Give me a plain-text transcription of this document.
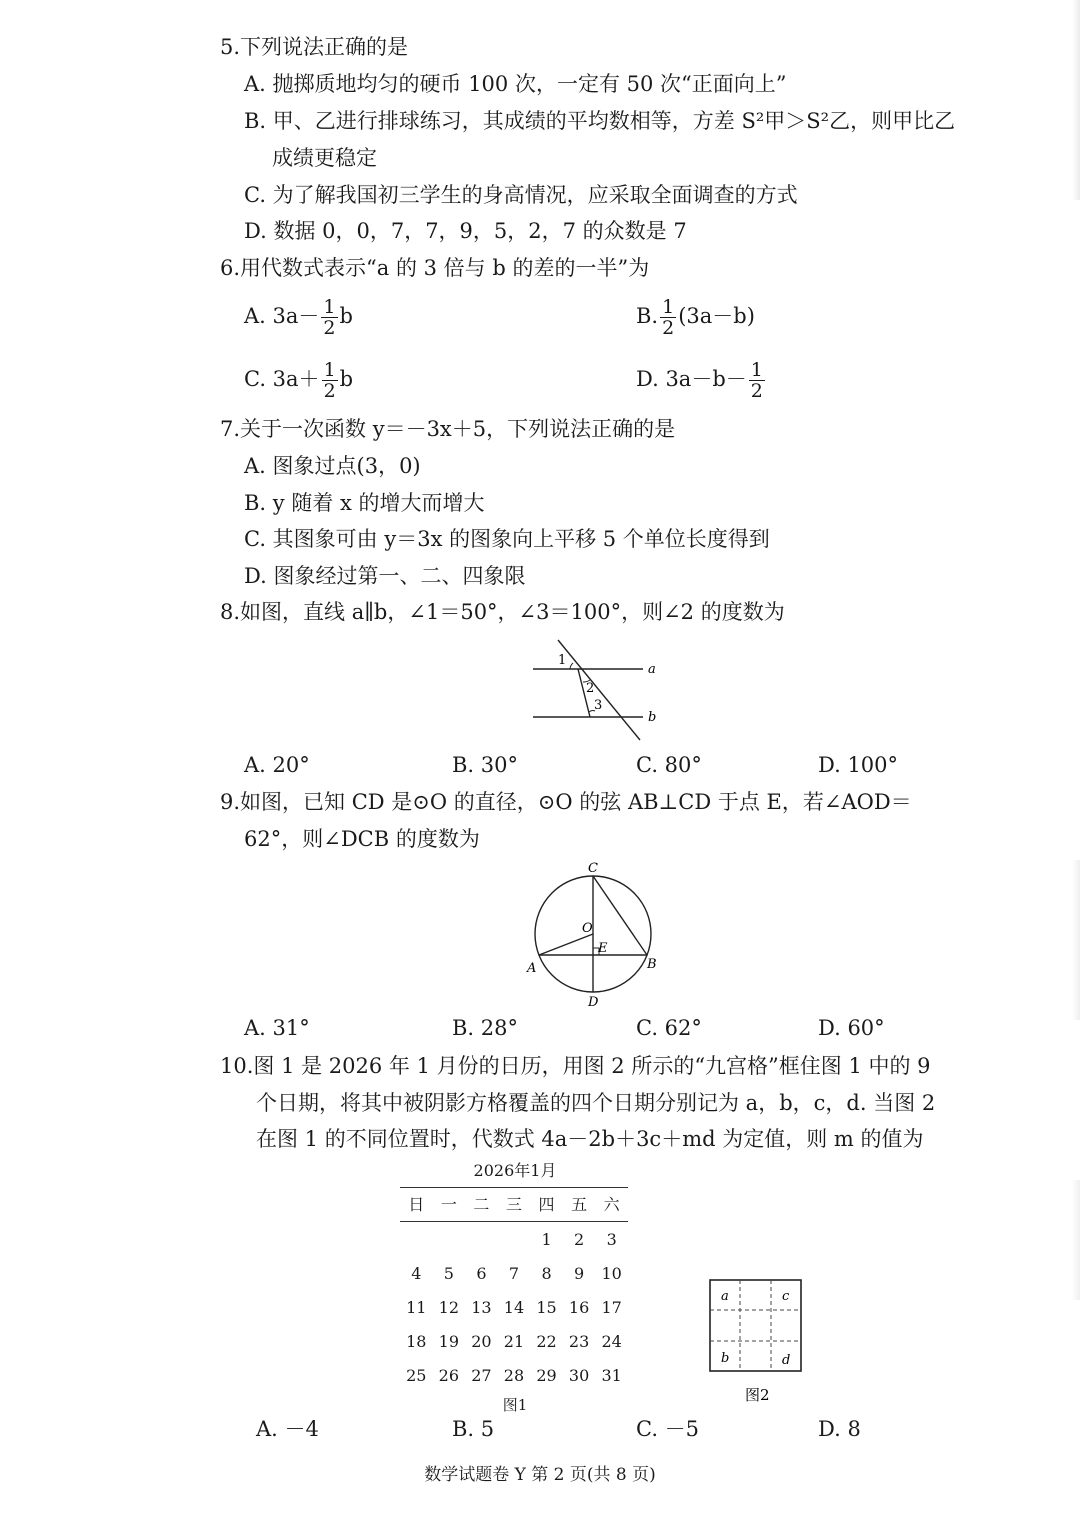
5.下列说法正确的是
A. 抛掷质地均匀的硬币 100 次，一定有 50 次“正面向上”
B. 甲、乙进行排球练习，其成绩的平均数相等，方差 S²甲＞S²乙，则甲比乙
成绩更稳定
C. 为了解我国初三学生的身高情况，应采取全面调查的方式
D. 数据 0，0，7，7，9，5，2，7 的众数是 7
6.用代数式表示“a 的 3 倍与 b 的差的一半”为
A. $3a- \frac{1}{2}$ b	B. $\frac{1}{2} (3a-b)$
C. $3a+ \frac{1}{2}$ b	D. $3a-b- \frac{1}{2}$
7.关于一次函数 y＝－3x＋5，下列说法正确的是
A. 图象过点(3，0)
B. y 随着 x 的增大而增大
C. 其图象可由 y＝3x 的图象向上平移 5 个单位长度得到
D. 图象经过第一、二、四象限
8.如图，直线 a∥b，∠1＝50°，∠3＝100°，则∠2 的度数为
1
2
3
a
b
A. 20°	B. 30°	C. 80°	D. 100°
9.如图，已知 CD 是⊙O 的直径，⊙O 的弦 AB⊥CD 于点 E，若∠AOD＝
62°，则∠DCB 的度数为
C
O
E
A	B
D
A. 31°	B. 28°	C. 62°	D. 60°
10.图 1 是 2026 年 1 月份的日历，用图 2 所示的“九宫格”框住图 1 中的 9
个日期，将其中被阴影方格覆盖的四个日期分别记为 a，b，c，d. 当图 2
在图 1 的不同位置时，代数式 4a－2b＋3c＋md 为定值，则 m 的值为
2026年1月
日	一	二	三	四	五	六
				1	2	3
4	5	6	7	8	9	10
11	12	13	14	15	16	17
18	19	20	21	22	23	24
25	26	27	28	29	30	31
图1
a	c
b	d
图2
A. －4	B. 5	C. －5	D. 8
数学试题卷 Y 第 2 页(共 8 页)
